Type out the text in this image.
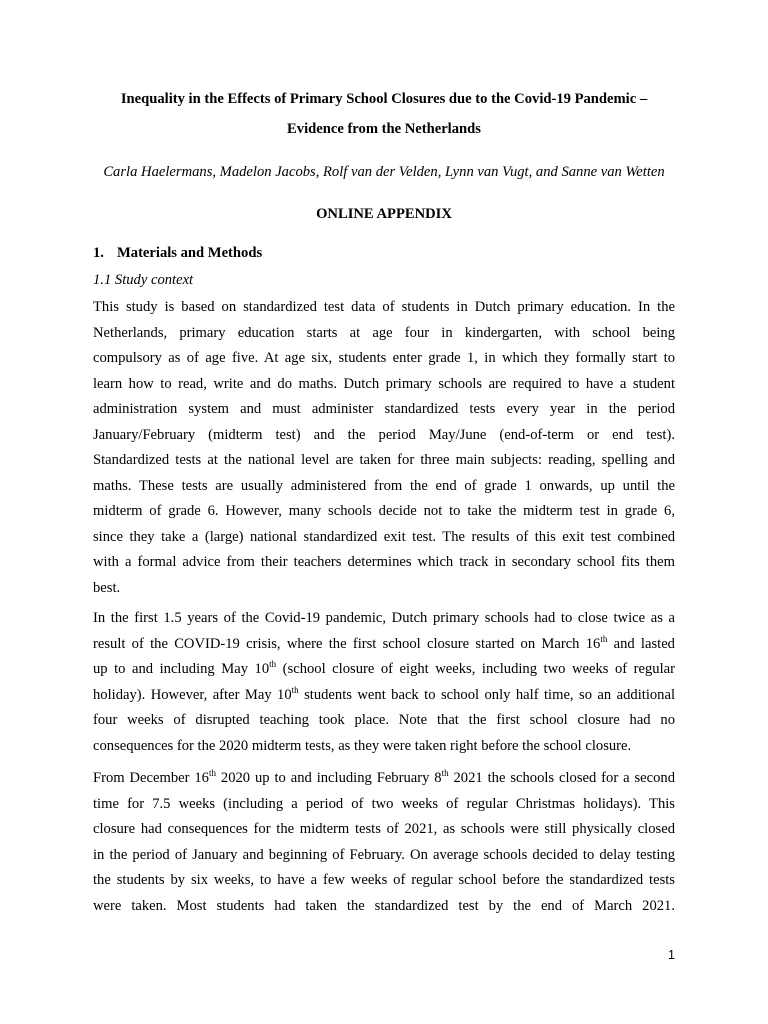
Inequality in the Effects of Primary School Closures due to the Covid-19 Pandemic –

Evidence from the Netherlands

Carla Haelermans, Madelon Jacobs, Rolf van der Velden, Lynn van Vugt, and Sanne van Wetten

ONLINE APPENDIX

1. Materials and Methods

1.1 Study context

This study is based on standardized test data of students in Dutch primary education. In the
Netherlands, primary education starts at age four in kindergarten, with school being
compulsory as of age five. At age six, students enter grade 1, in which they formally start to
learn how to read, write and do maths. Dutch primary schools are required to have a student
administration system and must administer standardized tests every year in the period
January/February (midterm test) and the period May/June (end-of-term or end test).
Standardized tests at the national level are taken for three main subjects: reading, spelling and
maths. These tests are usually administered from the end of grade 1 onwards, up until the
midterm of grade 6. However, many schools decide not to take the midterm test in grade 6,
since they take a (large) national standardized exit test. The results of this exit test combined
with a formal advice from their teachers determines which track in secondary school fits them
best.
In the first 1.5 years of the Covid-19 pandemic, Dutch primary schools had to close twice as a
result of the COVID-19 crisis, where the first school closure started on March 16th and lasted
up to and including May 10th (school closure of eight weeks, including two weeks of regular
holiday). However, after May 10th students went back to school only half time, so an additional
four weeks of disrupted teaching took place. Note that the first school closure had no
consequences for the 2020 midterm tests, as they were taken right before the school closure.
From December 16th 2020 up to and including February 8th 2021 the schools closed for a second
time for 7.5 weeks (including a period of two weeks of regular Christmas holidays). This
closure had consequences for the midterm tests of 2021, as schools were still physically closed
in the period of January and beginning of February. On average schools decided to delay testing
the students by six weeks, to have a few weeks of regular school before the standardized tests
were taken. Most students had taken the standardized test by the end of March 2021.

1
